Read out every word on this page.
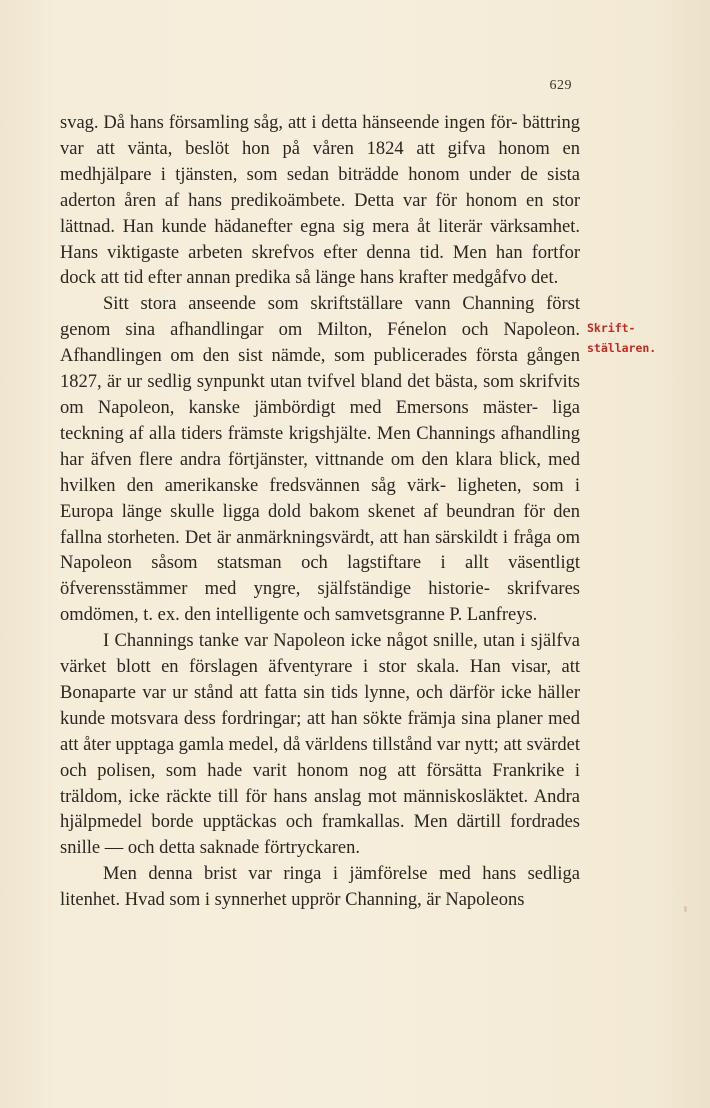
629

svag. Då hans församling såg, att i detta hänseende ingen för- bättring var att vänta, beslöt hon på våren 1824 att gifva honom en medhjälpare i tjänsten, som sedan biträdde honom under de sista aderton åren af hans predikoämbete. Detta var för honom en stor lättnad. Han kunde hädanefter egna sig mera åt literär värksamhet. Hans viktigaste arbeten skrefvos efter denna tid. Men han fortfor dock att tid efter annan predika så länge hans krafter medgåfvo det.

Sitt stora anseende som skriftställare vann Channing först genom sina afhandlingar om Milton, Fénelon och Napoleon. Afhandlingen om den sist nämde, som publicerades första gången 1827, är ur sedlig synpunkt utan tvifvel bland det bästa, som skrifvits om Napoleon, kanske jämbördigt med Emersons mäster- liga teckning af alla tiders främste krigshjälte. Men Channings afhandling har äfven flere andra förtjänster, vittnande om den klara blick, med hvilken den amerikanske fredsvännen såg värk- ligheten, som i Europa länge skulle ligga dold bakom skenet af beundran för den fallna storheten. Det är anmärkningsvärdt, att han särskildt i fråga om Napoleon såsom statsman och lagstiftare i allt väsentligt öfverensstämmer med yngre, själfständige historie- skrifvares omdömen, t. ex. den intelligente och samvetsgranne P. Lanfreys.

I Channings tanke var Napoleon icke något snille, utan i själfva värket blott en förslagen äfventyrare i stor skala. Han visar, att Bonaparte var ur stånd att fatta sin tids lynne, och därför icke häller kunde motsvara dess fordringar; att han sökte främja sina planer med att åter upptaga gamla medel, då världens tillstånd var nytt; att svärdet och polisen, som hade varit honom nog att försätta Frankrike i träldom, icke räckte till för hans anslag mot människosläktet. Andra hjälpmedel borde upptäckas och framkallas. Men därtill fordrades snille — och detta saknade förtryckaren.

Men denna brist var ringa i jämförelse med hans sedliga litenhet. Hvad som i synnerhet upprör Channing, är Napoleons

Skrift-
ställaren.
